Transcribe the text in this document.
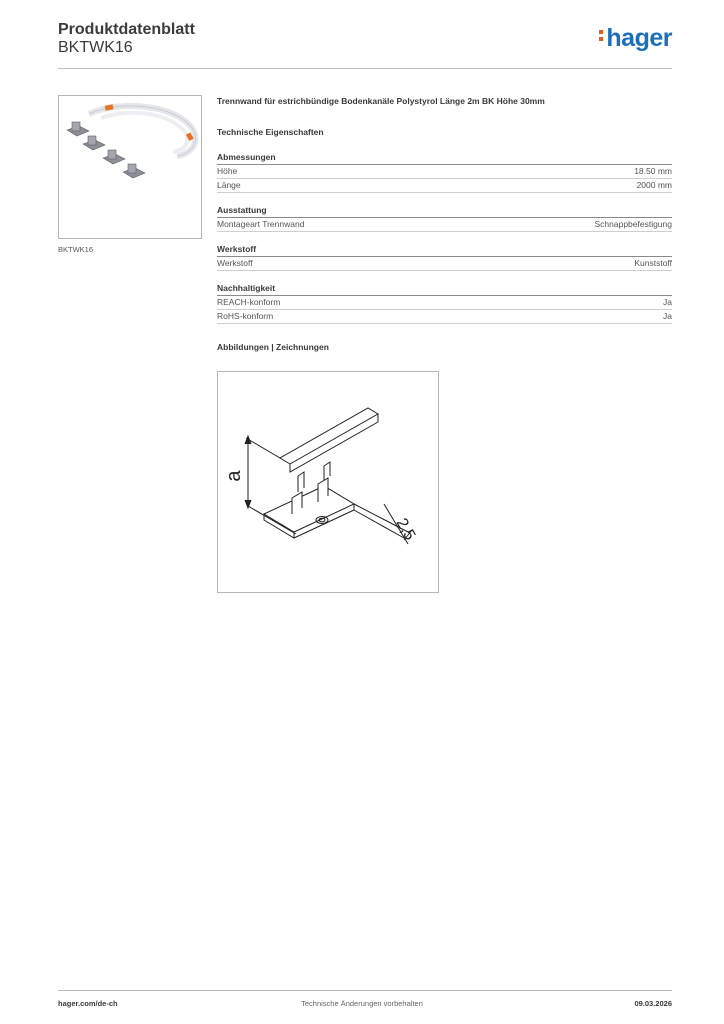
Produktdatenblatt
BKTWK16	hager
BKTWK16
Trennwand für estrichbündige Bodenkanäle Polystyrol Länge 2m BK Höhe 30mm
Technische Eigenschaften
Abmessungen
Höhe	18.50 mm
Länge	2000 mm
Ausstattung
Montageart Trennwand	Schnappbefestigung
Werkstoff
Werkstoff	Kunststoff
Nachhaltigkeit
REACH-konform	Ja
RoHS-konform	Ja
Abbildungen | Zeichnungen
a
2,5
hager.com/de-ch	Technische Änderungen vorbehalten	09.03.2026
